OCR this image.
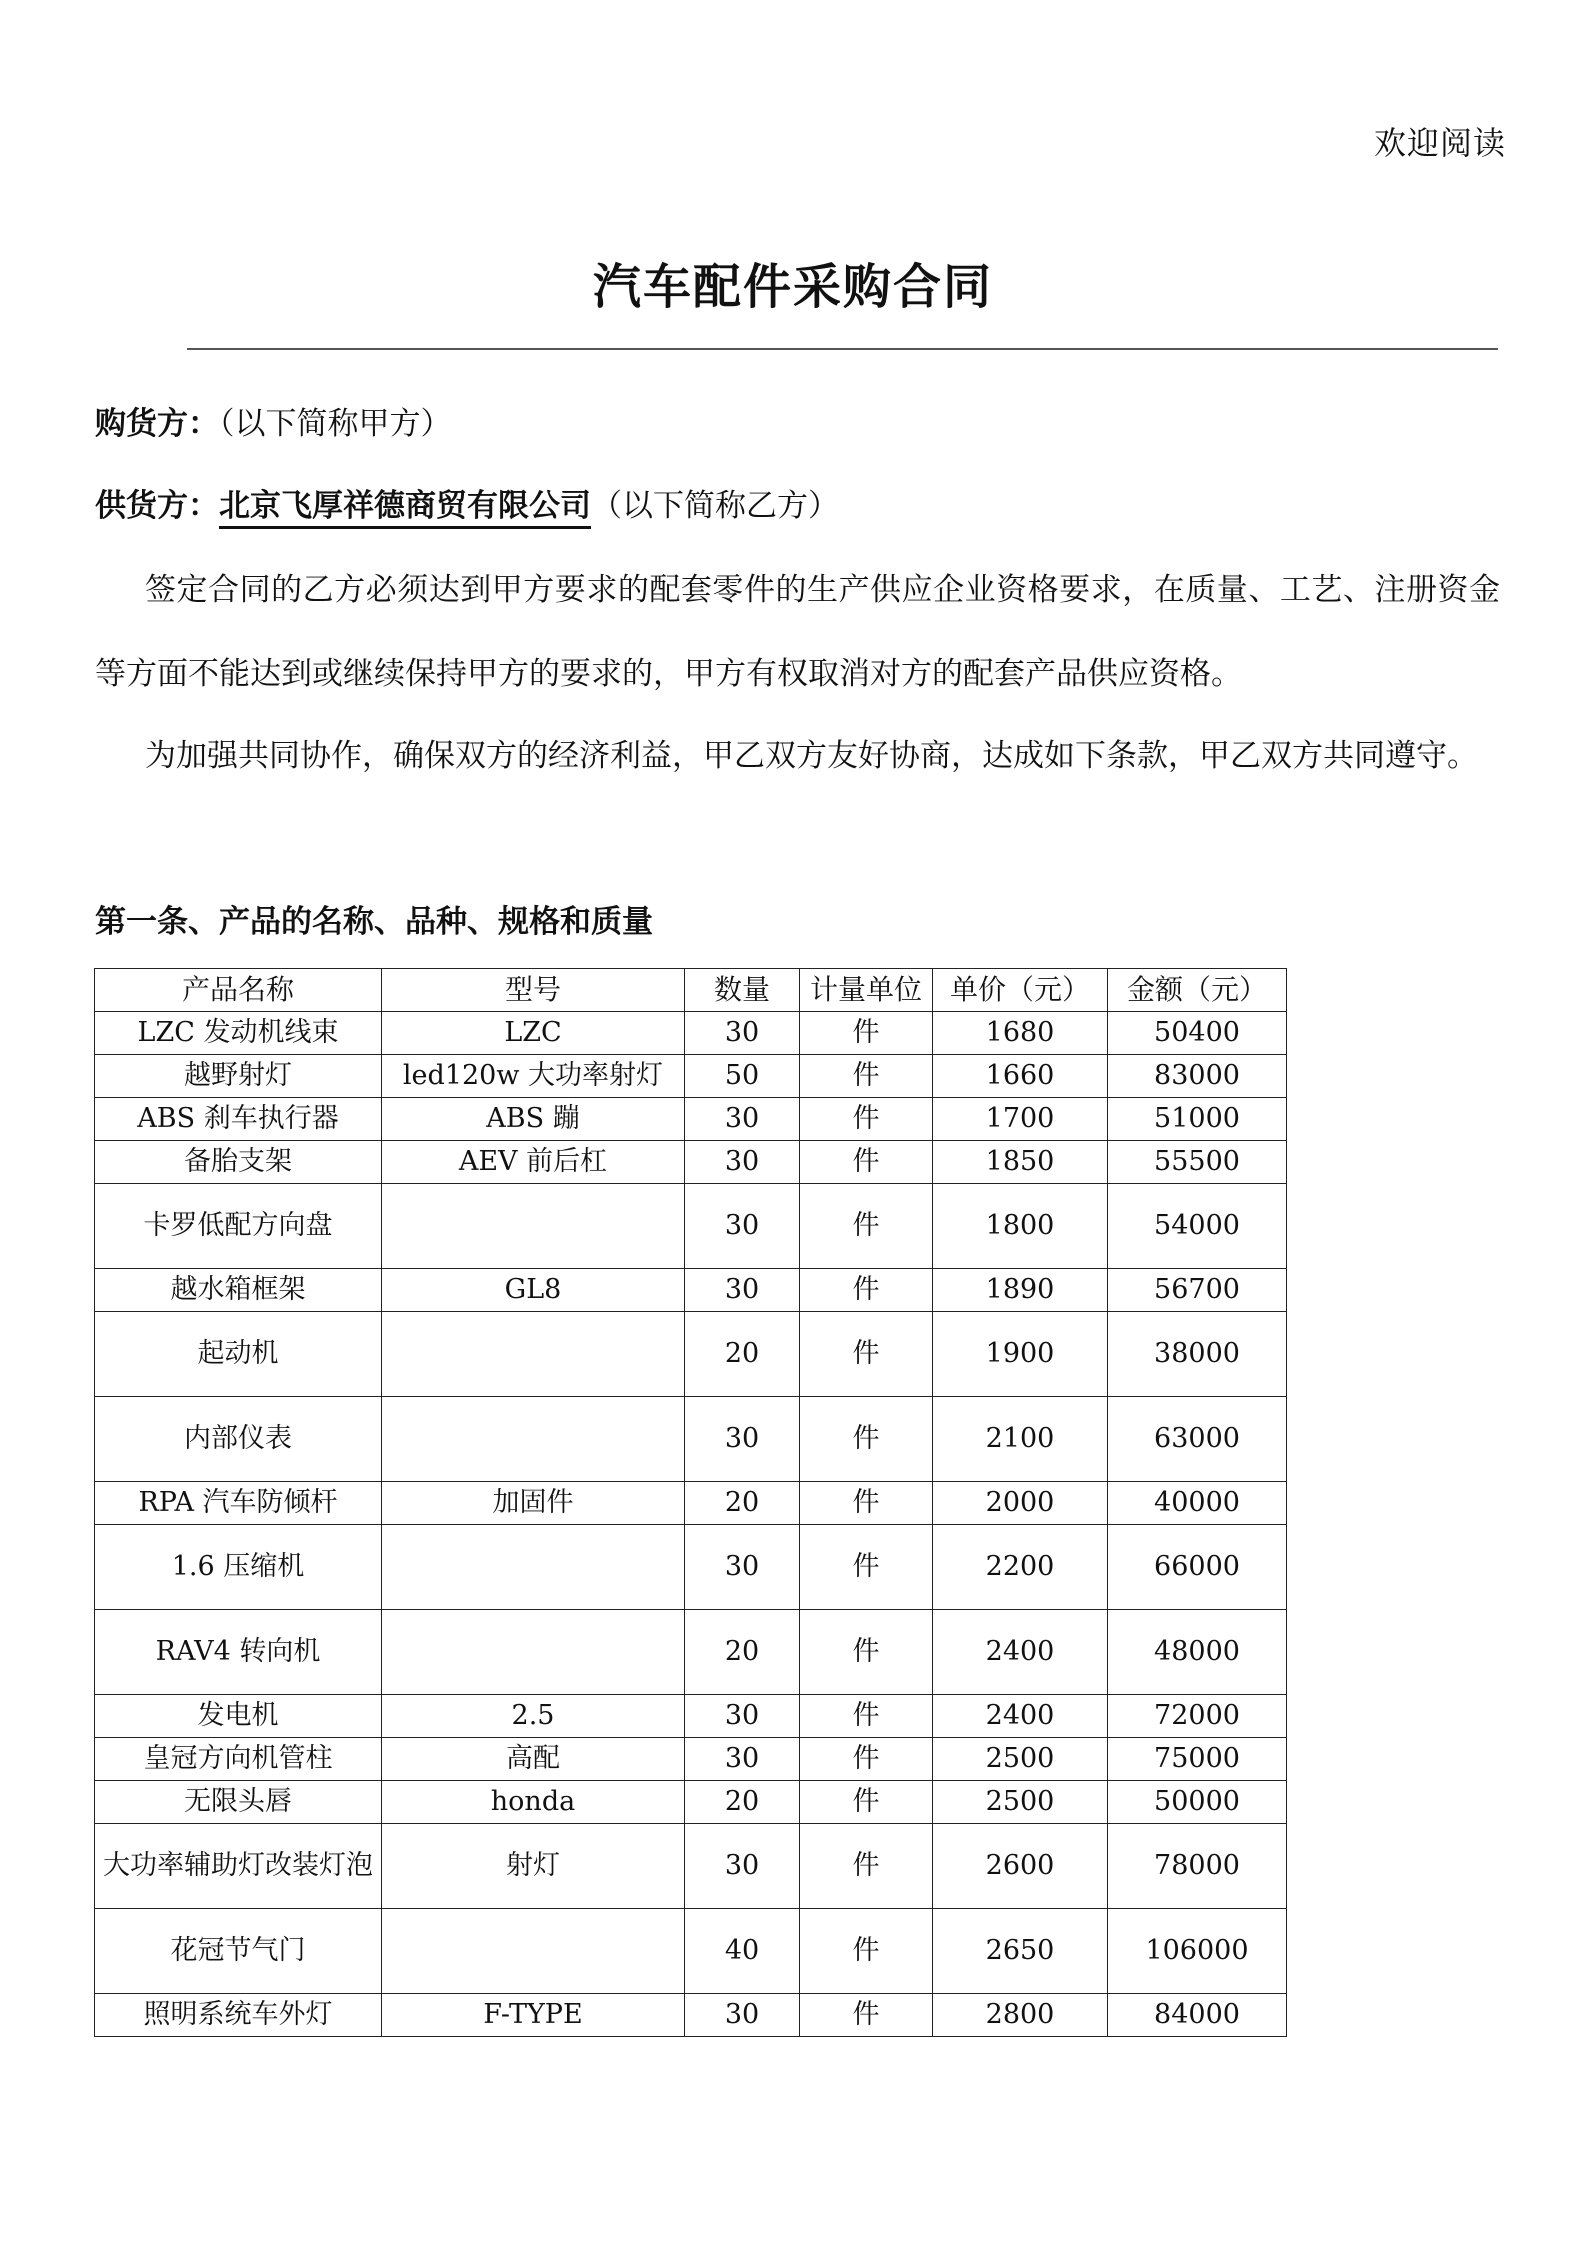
欢迎阅读
汽车配件采购合同
购货方：（以下简称甲方）
供货方：北京飞厚祥德商贸有限公司（以下简称乙方）
签定合同的乙方必须达到甲方要求的配套零件的生产供应企业资格要求，在质量、工艺、注册资金等方面不能达到或继续保持甲方的要求的，甲方有权取消对方的配套产品供应资格。
为加强共同协作，确保双方的经济利益，甲乙双方友好协商，达成如下条款，甲乙双方共同遵守。
第一条、产品的名称、品种、规格和质量
产品名称	型号	数量	计量单位	单价（元）	金额（元）
LZC 发动机线束	LZC	30	件	1680	50400
越野射灯	led120w 大功率射灯	50	件	1660	83000
ABS 刹车执行器	ABS 蹦	30	件	1700	51000
备胎支架	AEV 前后杠	30	件	1850	55500
卡罗低配方向盘		30	件	1800	54000
越水箱框架	GL8	30	件	1890	56700
起动机		20	件	1900	38000
内部仪表		30	件	2100	63000
RPA 汽车防倾杆	加固件	20	件	2000	40000
1.6 压缩机		30	件	2200	66000
RAV4 转向机		20	件	2400	48000
发电机	2.5	30	件	2400	72000
皇冠方向机管柱	高配	30	件	2500	75000
无限头唇	honda	20	件	2500	50000
大功率辅助灯改装灯泡	射灯	30	件	2600	78000
花冠节气门		40	件	2650	106000
照明系统车外灯	F-TYPE	30	件	2800	84000
